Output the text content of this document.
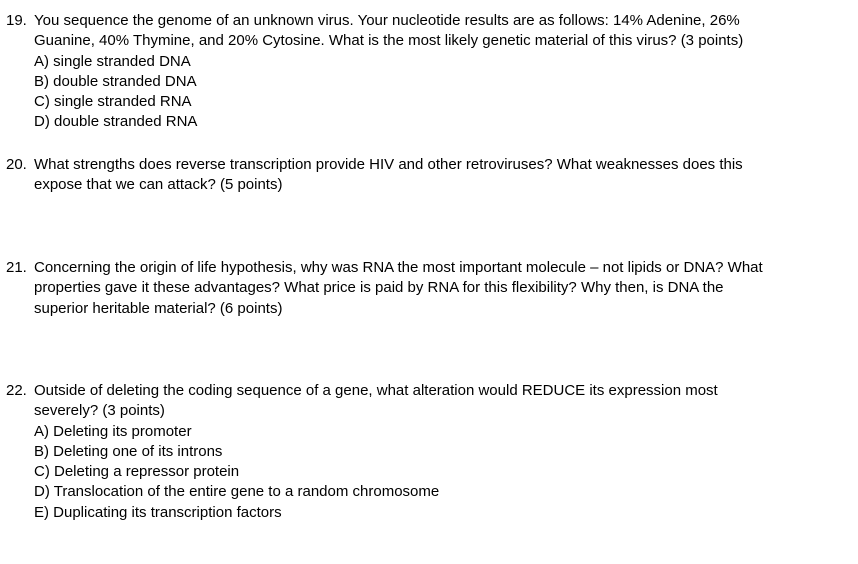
19. You sequence the genome of an unknown virus. Your nucleotide results are as follows: 14% Adenine, 26%
Guanine, 40% Thymine, and 20% Cytosine. What is the most likely genetic material of this virus? (3 points)
A) single stranded DNA
B) double stranded DNA
C) single stranded RNA
D) double stranded RNA
20. What strengths does reverse transcription provide HIV and other retroviruses? What weaknesses does this
expose that we can attack? (5 points)
21. Concerning the origin of life hypothesis, why was RNA the most important molecule – not lipids or DNA? What
properties gave it these advantages? What price is paid by RNA for this flexibility? Why then, is DNA the
superior heritable material? (6 points)
22. Outside of deleting the coding sequence of a gene, what alteration would REDUCE its expression most
severely? (3 points)
A) Deleting its promoter
B) Deleting one of its introns
C) Deleting a repressor protein
D) Translocation of the entire gene to a random chromosome
E) Duplicating its transcription factors
